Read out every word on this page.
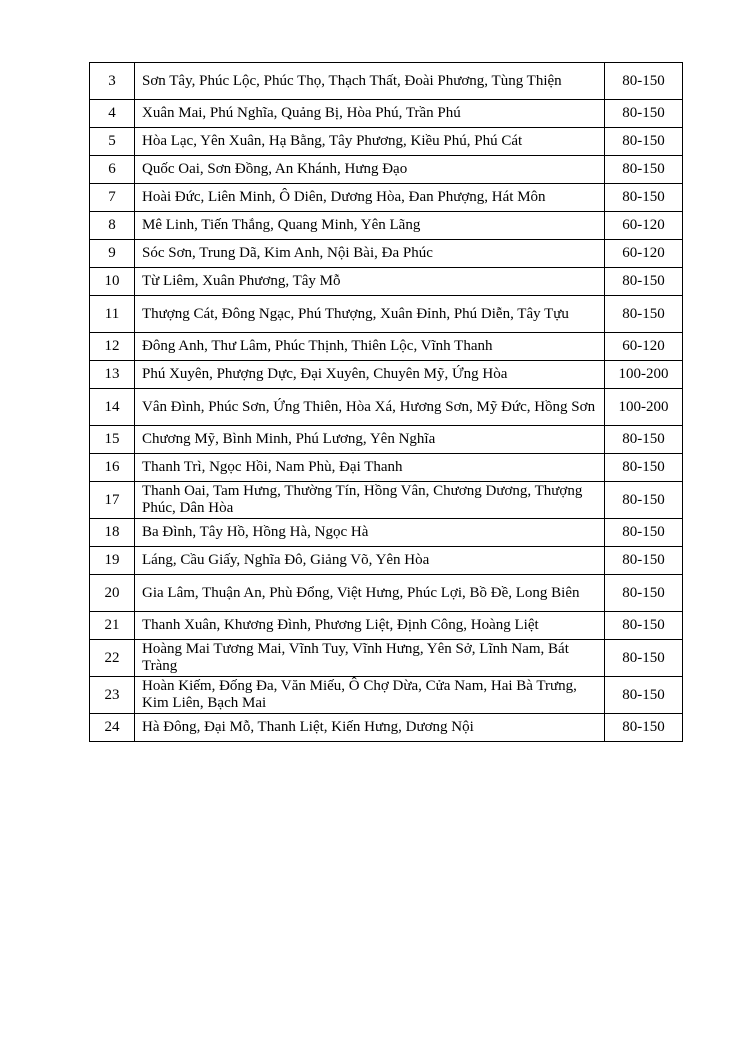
3	Sơn Tây, Phúc Lộc, Phúc Thọ, Thạch Thất, Đoài Phương, Tùng Thiện	80-150
4	Xuân Mai, Phú Nghĩa, Quảng Bị, Hòa Phú, Trần Phú	80-150
5	Hòa Lạc, Yên Xuân, Hạ Bằng, Tây Phương, Kiều Phú, Phú Cát	80-150
6	Quốc Oai, Sơn Đồng, An Khánh, Hưng Đạo	80-150
7	Hoài Đức, Liên Minh, Ô Diên, Dương Hòa, Đan Phượng, Hát Môn	80-150
8	Mê Linh, Tiến Thắng, Quang Minh, Yên Lãng	60-120
9	Sóc Sơn, Trung Dã, Kim Anh, Nội Bài, Đa Phúc	60-120
10	Từ Liêm, Xuân Phương, Tây Mỗ	80-150
11	Thượng Cát, Đông Ngạc, Phú Thượng, Xuân Đỉnh, Phú Diễn, Tây Tựu	80-150
12	Đông Anh, Thư Lâm, Phúc Thịnh, Thiên Lộc, Vĩnh Thanh	60-120
13	Phú Xuyên, Phượng Dực, Đại Xuyên, Chuyên Mỹ, Ứng Hòa	100-200
14	Vân Đình, Phúc Sơn, Ứng Thiên, Hòa Xá, Hương Sơn, Mỹ Đức, Hồng Sơn	100-200
15	Chương Mỹ, Bình Minh, Phú Lương, Yên Nghĩa	80-150
16	Thanh Trì, Ngọc Hồi, Nam Phù, Đại Thanh	80-150
17	Thanh Oai, Tam Hưng, Thường Tín, Hồng Vân, Chương Dương, Thượng Phúc, Dân Hòa	80-150
18	Ba Đình, Tây Hồ, Hồng Hà, Ngọc Hà	80-150
19	Láng, Cầu Giấy, Nghĩa Đô, Giảng Võ, Yên Hòa	80-150
20	Gia Lâm, Thuận An, Phù Đổng, Việt Hưng, Phúc Lợi, Bồ Đề, Long Biên	80-150
21	Thanh Xuân, Khương Đình, Phương Liệt, Định Công, Hoàng Liệt	80-150
22	Hoàng Mai Tương Mai, Vĩnh Tuy, Vĩnh Hưng, Yên Sở, Lĩnh Nam, Bát Tràng	80-150
23	Hoàn Kiếm, Đống Đa, Văn Miếu, Ô Chợ Dừa, Cửa Nam, Hai Bà Trưng, Kim Liên, Bạch Mai	80-150
24	Hà Đông, Đại Mỗ, Thanh Liệt, Kiến Hưng, Dương Nội	80-150
